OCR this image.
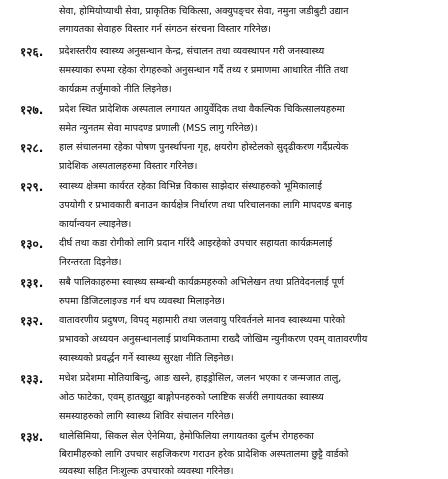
सेवा, होमियोप्याथी सेवा, प्राकृतिक चिकित्सा, अक्युपङ्चर सेवा, नमुना जडीबुटी उद्यान
लगायतका सेवाहरु विस्तार गर्न संगठन संरचना विस्तार गरिनेछ।
१२६. प्रदेशस्तरीय स्वास्थ्य अनुसन्धान केन्द्र, संचालन तथा व्यवस्थापन गरी जनस्वास्थ्य
समस्याका रुपमा रहेका रोगहरुको अनुसन्धान गर्दै तथ्य र प्रमाणमा आधारित नीति तथा
कार्यक्रम तर्जुमाको नीति लिइनेछ।
१२७. प्रदेश स्थित प्रादेशिक अस्पताल लगायत आयुर्वेदिक तथा वैकल्पिक चिकित्सालयहरुमा
समेत न्युनतम सेवा मापदण्ड प्रणाली (MSS लागु गरिनेछ)।
१२८. हाल संचालनमा रहेका पोषण पुनर्स्थापना गृह, क्षयरोग होस्टेलको सुदृढीकरण गर्दैप्रत्येक
प्रादेशिक अस्पतालहरुमा विस्तार गरिनेछ।
१२९. स्वास्थ्य क्षेत्रमा कार्यरत रहेका विभिन्न विकास साझेदार संस्थाहरुको भूमिकालाई
उपयोगी र प्रभावकारी बनाउन कार्यक्षेत्र निर्धारण तथा परिचालनका लागि मापदण्ड बनाइ
कार्यान्वयन ल्याइनेछ।
१३०. दीर्घ तथा कडा रोगीको लागि प्रदान गरिंदै आइरहेको उपचार सहायता कार्यक्रमलाई
निरन्तरता दिइनेछ।
१३१. सबै पालिकाहरुमा स्वास्थ्य सम्बन्धी कार्यक्रमहरुको अभिलेखन तथा प्रतिवेदनलाई पूर्ण
रुपमा डिजिटलाइज्ड गर्न थप व्यवस्था मिलाइनेछ।
१३२. वातावरणीय प्रदुषण, विपद् महामारी तथा जलवायु परिवर्तनले मानव स्वास्थ्यमा पारेको
प्रभावको अध्ययन अनुसन्धानलाई प्राथमिकतामा राख्दै जोखिम न्युनीकरण एवम् वातावरणीय
स्वास्थ्यको प्रवर्द्धन गर्ने स्वास्थ्य सुरक्षा नीति लिइनेछ।
१३३. मधेश प्रदेशमा मोतियाबिन्दु, आङ खस्ने, हाइड्रोसिल, जलन भएका र जन्मजात तालु,
ओठ फाटेका, एवम् हातखुट्टा बाङ्गोपनहरुको प्लाष्टिक सर्जरी लगायतका स्वास्थ्य
समस्याहरुको लागि स्वास्थ्य शिविर संचालन गरिनेछ।
१३४. थालेसिमिया, सिकल सेल ऐनेमिया, हेमोफिलिया लगायतका दुर्लभ रोगहरुका
बिरामीहरुको लागि उपचार सहजिकरण गराउन हरेक प्रादेशिक अस्पतालमा छुट्टै वार्डको
व्यवस्था सहित निःशुल्क उपचारको व्यवस्था गरिनेछ।
